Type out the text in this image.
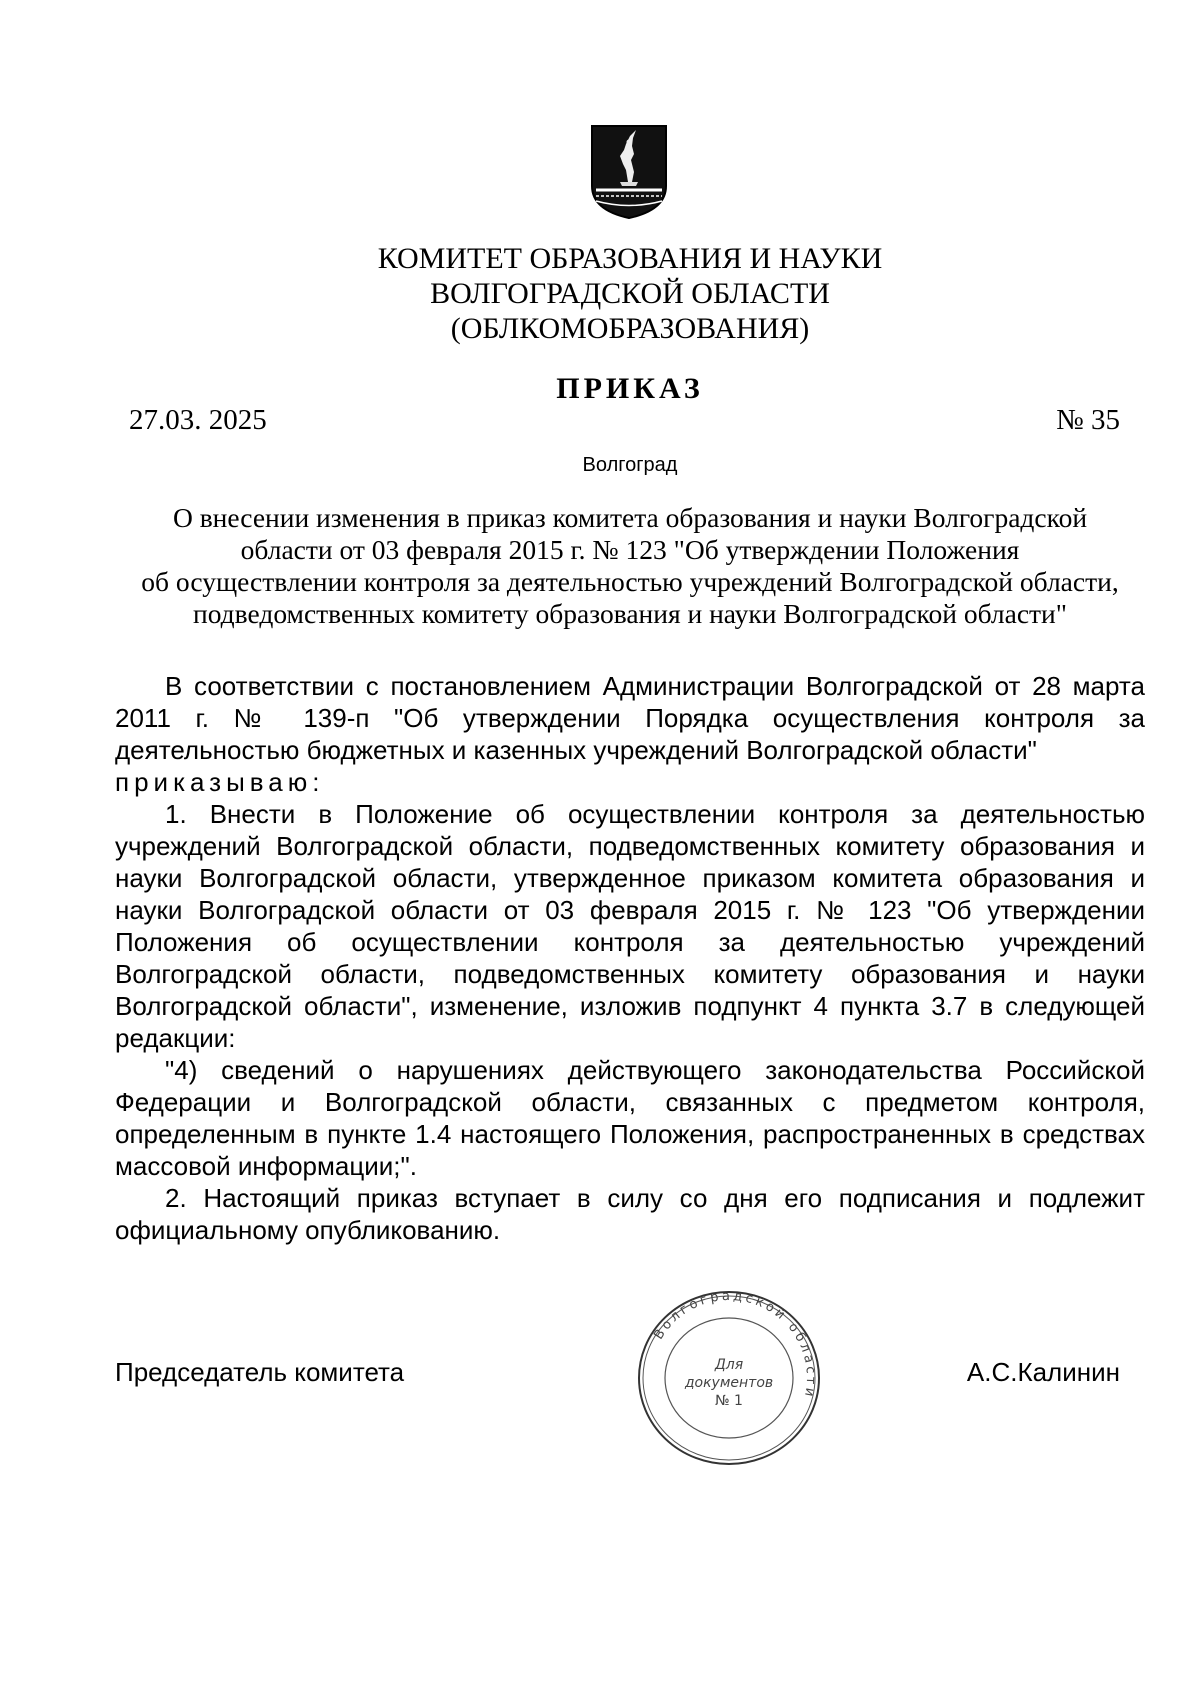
КОМИТЕТ ОБРАЗОВАНИЯ И НАУКИ
ВОЛГОГРАДСКОЙ ОБЛАСТИ
(ОБЛКОМОБРАЗОВАНИЯ)
ПРИКАЗ
27.03. 2025	№ 35
Волгоград
О внесении изменения в приказ комитета образования и науки Волгоградской
области от 03 февраля 2015 г. № 123 "Об утверждении Положения
об осуществлении контроля за деятельностью учреждений Волгоградской области,
подведомственных комитету образования и науки Волгоградской области"

В соответствии с постановлением Администрации Волгоградской от 28 марта 2011 г. № 139-п "Об утверждении Порядка осуществления контроля за деятельностью бюджетных и казенных учреждений Волгоградской области"

приказываю:

1. Внести в Положение об осуществлении контроля за деятельностью учреждений Волгоградской области, подведомственных комитету образования и науки Волгоградской области, утвержденное приказом комитета образования и науки Волгоградской области от 03 февраля 2015 г. № 123 "Об утверждении Положения об осуществлении контроля за деятельностью учреждений Волгоградской области, подведомственных комитету образования и науки Волгоградской области", изменение, изложив подпункт 4 пункта 3.7 в следующей редакции:

"4) сведений о нарушениях действующего законодательства Российской Федерации и Волгоградской области, связанных с предметом контроля, определенным в пункте 1.4 настоящего Положения, распространенных в средствах массовой информации;".

2. Настоящий приказ вступает в силу со дня его подписания и подлежит официальному опубликованию.

Председатель комитета	А.С.Калинин
Волгоградской области
Для
документов
№ 1
